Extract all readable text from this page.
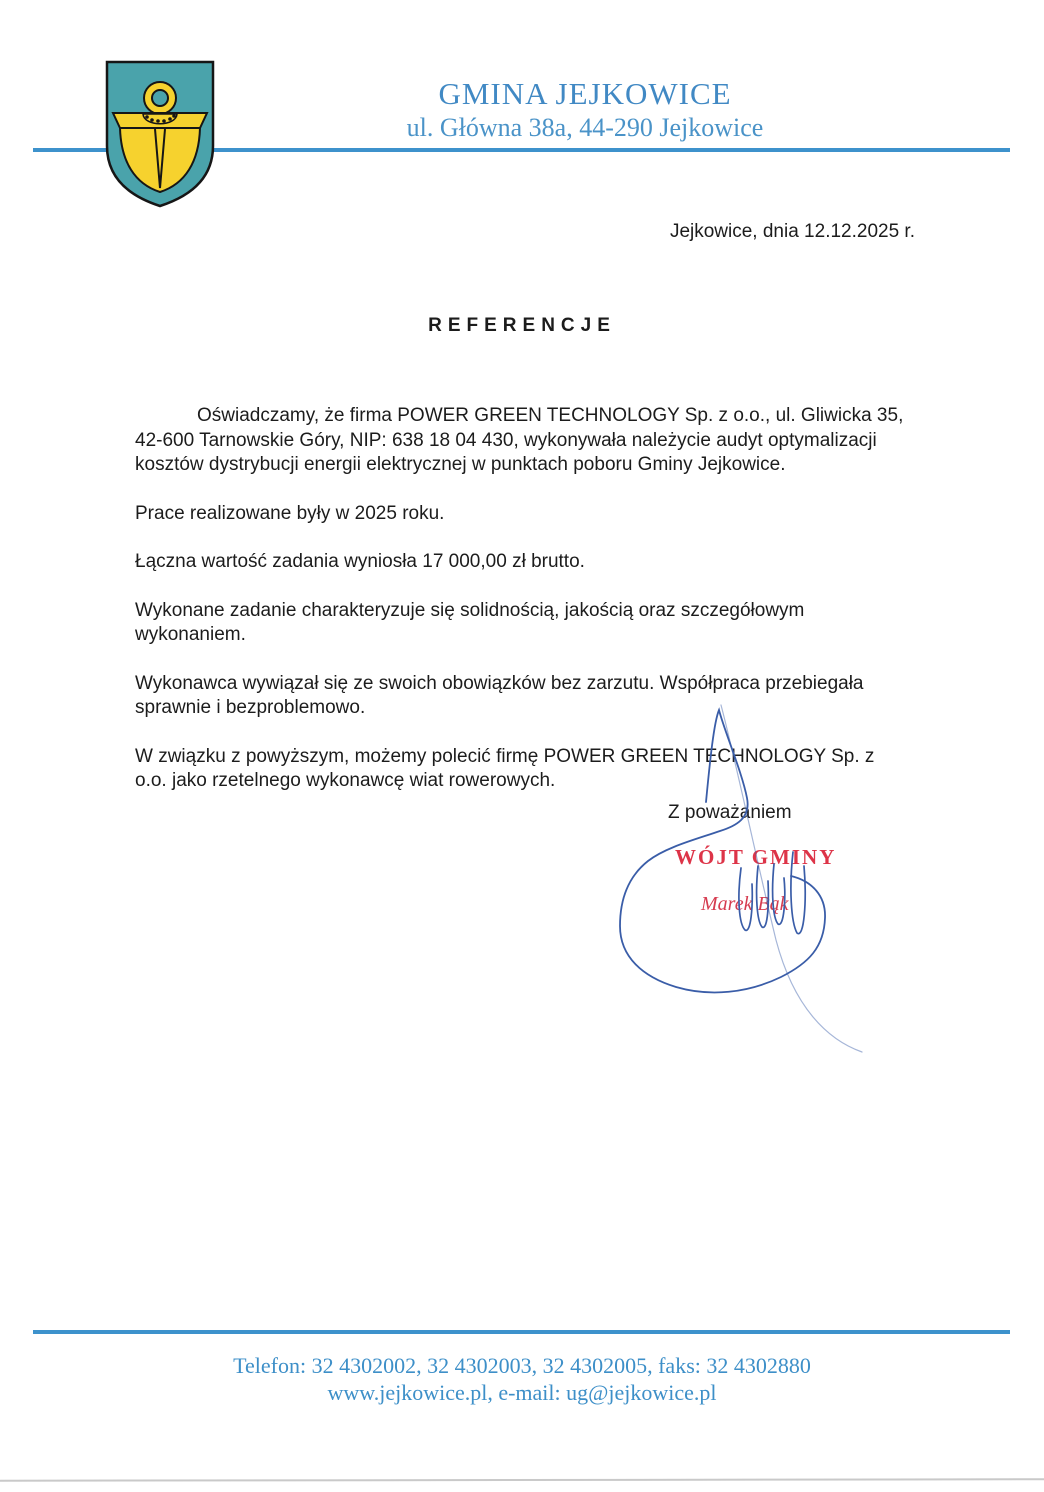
GMINA JEJKOWICE
ul. Główna 38a, 44-290 Jejkowice
Jejkowice, dnia 12.12.2025 r.
REFERENCJE

Oświadczamy, że firma POWER GREEN TECHNOLOGY Sp. z o.o., ul. Gliwicka 35, 42-600 Tarnowskie Góry, NIP: 638 18 04 430, wykonywała należycie audyt optymalizacji kosztów dystrybucji energii elektrycznej w punktach poboru Gminy Jejkowice.

Prace realizowane były w 2025 roku.

Łączna wartość zadania wyniosła 17 000,00 zł brutto.

Wykonane zadanie charakteryzuje się solidnością, jakością oraz szczegółowym wykonaniem.

Wykonawca wywiązał się ze swoich obowiązków bez zarzutu. Współpraca przebiegała sprawnie i bezproblemowo.

W związku z powyższym, możemy polecić firmę POWER GREEN TECHNOLOGY Sp. z o.o. jako rzetelnego wykonawcę wiat rowerowych.

Z poważaniem
WÓJT GMINY
Marek Bąk
Telefon: 32 4302002, 32 4302003, 32 4302005, faks: 32 4302880
www.jejkowice.pl, e-mail: ug@jejkowice.pl
